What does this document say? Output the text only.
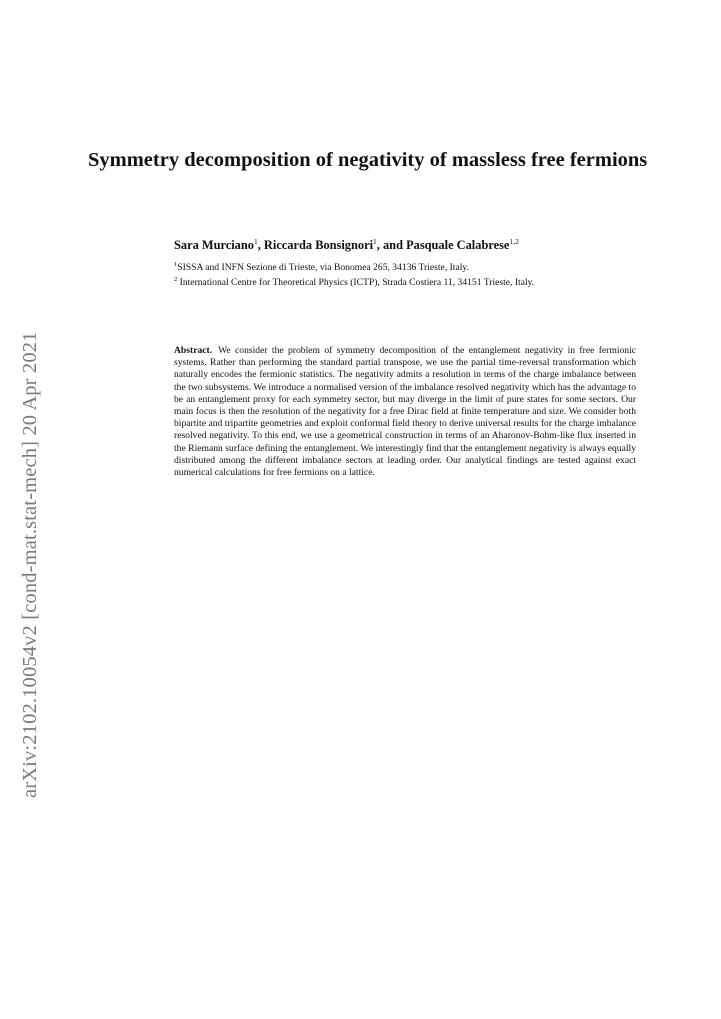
arXiv:2102.10054v2 [cond-mat.stat-mech] 20 Apr 2021
Symmetry decomposition of negativity of massless free fermions
Sara Murciano$^1$, Riccarda Bonsignori$^1$, and Pasquale Calabrese$^{1,2}$
$^1$SISSA and INFN Sezione di Trieste, via Bonomea 265, 34136 Trieste, Italy.
$^2$ International Centre for Theoretical Physics (ICTP), Strada Costiera 11, 34151 Trieste, Italy.

Abstract. We consider the problem of symmetry decomposition of the entanglement negativity in free fermionic systems. Rather than performing the standard partial transpose, we use the partial time-reversal transformation which naturally encodes the fermionic statistics. The negativity admits a resolution in terms of the charge imbalance between the two subsystems. We introduce a normalised version of the imbalance resolved negativity which has the advantage to be an entanglement proxy for each symmetry sector, but may diverge in the limit of pure states for some sectors. Our main focus is then the resolution of the negativity for a free Dirac field at finite temperature and size. We consider both bipartite and tripartite geometries and exploit conformal field theory to derive universal results for the charge imbalance resolved negativity. To this end, we use a geometrical construction in terms of an Aharonov-Bohm-like flux inserted in the Riemann surface defining the entanglement. We interestingly find that the entanglement negativity is always equally distributed among the different imbalance sectors at leading order. Our analytical findings are tested against exact numerical calculations for free fermions on a lattice.
